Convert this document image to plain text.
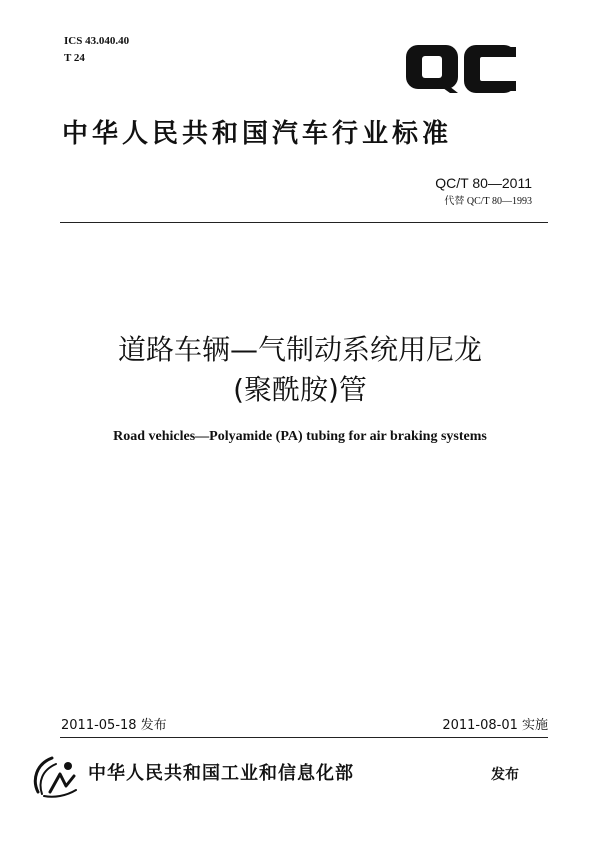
ICS 43.040.40
T 24
中华人民共和国汽车行业标准
QC/T 80—2011
代替 QC/T 80—1993
道路车辆—气制动系统用尼龙
(聚酰胺)管
Road vehicles—Polyamide (PA) tubing for air braking systems
2011-05-18 发布	2011-08-01 实施
中华人民共和国工业和信息化部	发布
